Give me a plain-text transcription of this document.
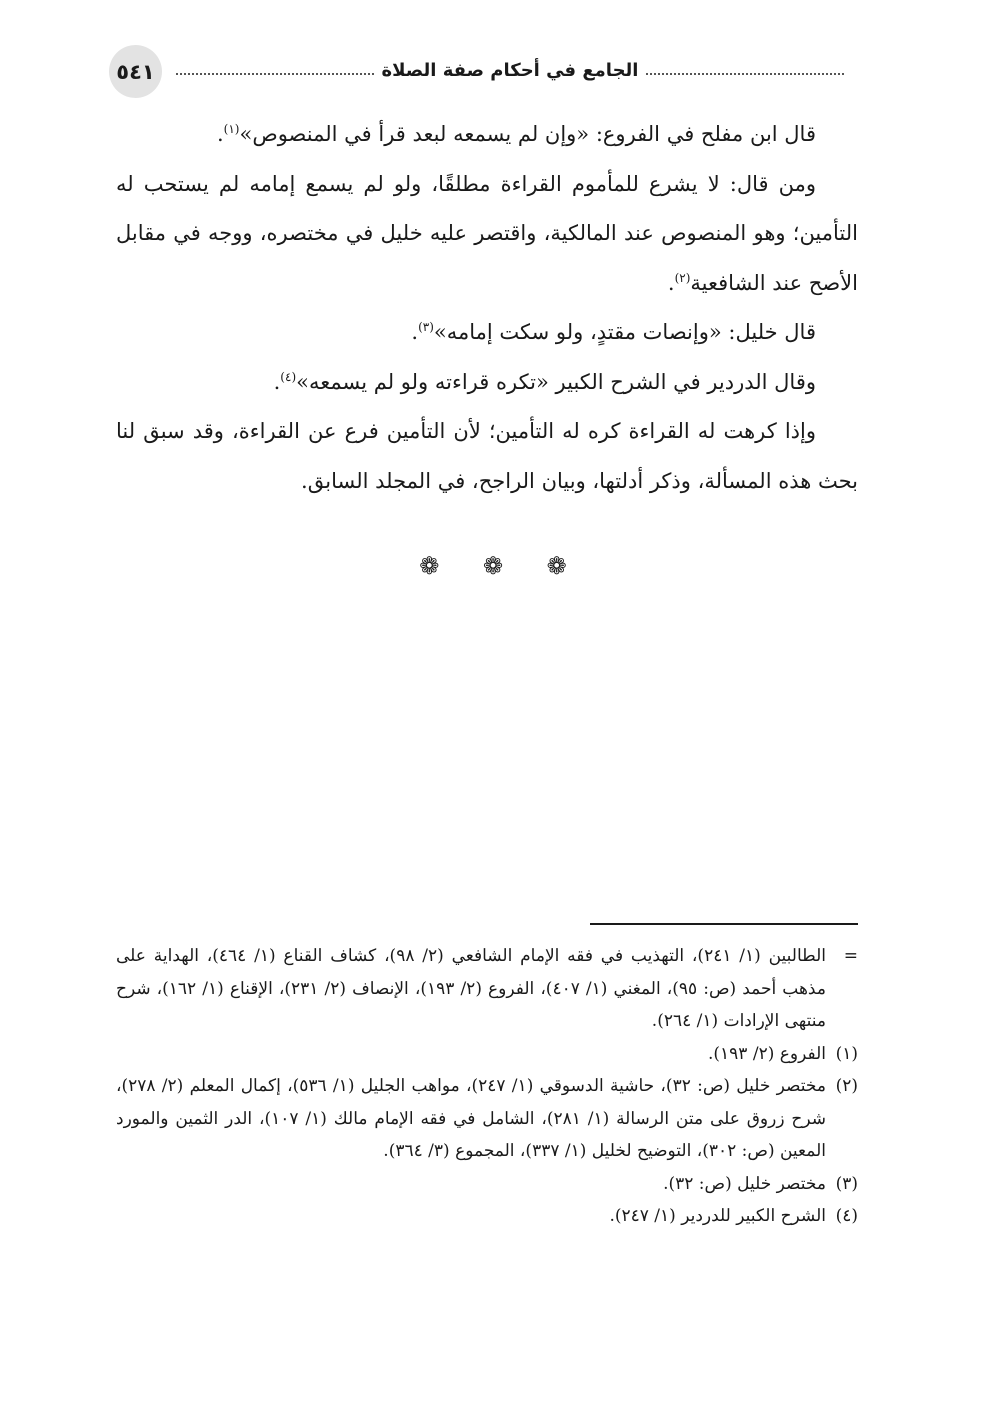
٥٤١	الجامع في أحكام صفة الصلاة

قال ابن مفلح في الفروع: «وإن لم يسمعه لبعد قرأ في المنصوص»$^{(١)}$.

ومن قال: لا يشرع للمأموم القراءة مطلقًا، ولو لم يسمع إمامه لم يستحب له التأمين؛ وهو المنصوص عند المالكية، واقتصر عليه خليل في مختصره، ووجه في مقابل الأصح عند الشافعية$^{(٢)}$.

قال خليل: «وإنصات مقتدٍ، ولو سكت إمامه»$^{(٣)}$.

وقال الدردير في الشرح الكبير «تكره قراءته ولو لم يسمعه»$^{(٤)}$.

وإذا كرهت له القراءة كره له التأمين؛ لأن التأمين فرع عن القراءة، وقد سبق لنا بحث هذه المسألة، وذكر أدلتها، وبيان الراجح، في المجلد السابق.

❁ ❁ ❁
=
الطالبين (١/ ٢٤١)، التهذيب في فقه الإمام الشافعي (٢/ ٩٨)، كشاف القناع (١/ ٤٦٤)، الهداية على مذهب أحمد (ص: ٩٥)، المغني (١/ ٤٠٧)، الفروع (٢/ ١٩٣)، الإنصاف (٢/ ٢٣١)، الإقناع (١/ ١٦٢)، شرح منتهى الإرادات (١/ ٢٦٤).
(١)
الفروع (٢/ ١٩٣).
(٢)
مختصر خليل (ص: ٣٢)، حاشية الدسوقي (١/ ٢٤٧)، مواهب الجليل (١/ ٥٣٦)، إكمال المعلم (٢/ ٢٧٨)، شرح زروق على متن الرسالة (١/ ٢٨١)، الشامل في فقه الإمام مالك (١/ ١٠٧)، الدر الثمين والمورد المعين (ص: ٣٠٢)، التوضيح لخليل (١/ ٣٣٧)، المجموع (٣/ ٣٦٤).
(٣)
مختصر خليل (ص: ٣٢).
(٤)
الشرح الكبير للدردير (١/ ٢٤٧).
